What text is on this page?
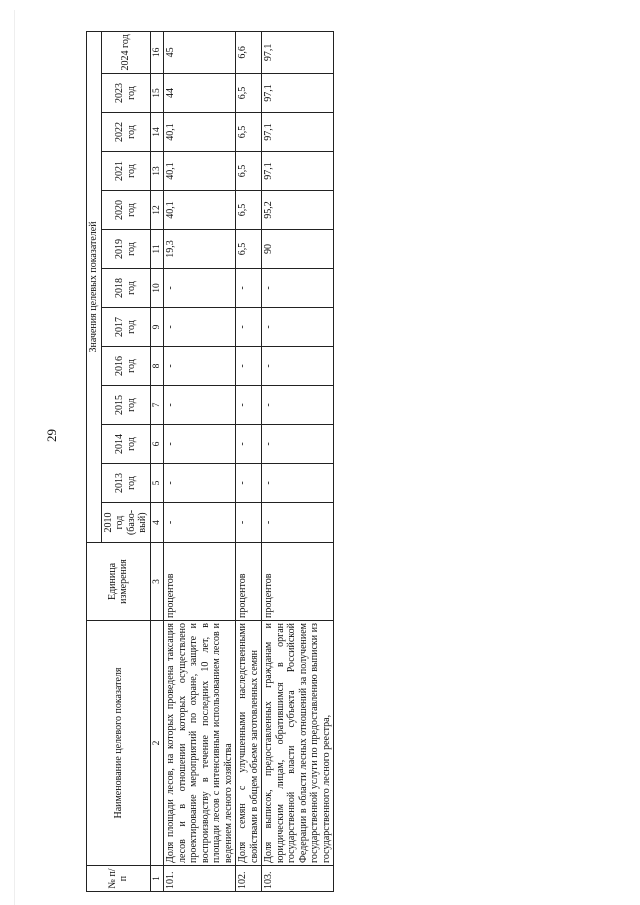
29
№ п/п	Наименование целевого показателя	Единица измерения	Значения целевых показателей												
			2010 год (базо-вый)	2013 год	2014 год	2015 год	2016 год	2017 год	2018 год	2019 год	2020 год	2021 год	2022 год	2023 год	2024 год
1	2	3	4	5	6	7	8	9	10	11	12	13	14	15	16
101.	Доля площади лесов, на которых проведена таксация лесов и в отношении которых осуществлено проектирование мероприятий по охране, защите и воспроизводству в течение последних 10 лет, в площади лесов с интенсивным использованием лесов и ведением лесного хозяйства	процентов	-	-	-	-	-	-	-	19,3	40,1	40,1	40,1	44	45
102.	Доля семян с улучшенными наследственными свойствами в общем объеме заготовленных семян	процентов	-	-	-	-	-	-	-	6,5	6,5	6,5	6,5	6,5	6,6
103.	Доля выписок, предоставленных гражданам и юридическим лицам, обратившимся в орган государственной власти субъекта Российской Федерации в области лесных отношений за получением государственной услуги по предоставлению выписки из государственного лесного реестра,	процентов	-	-	-	-	-	-	-	90	95,2	97,1	97,1	97,1	97,1
